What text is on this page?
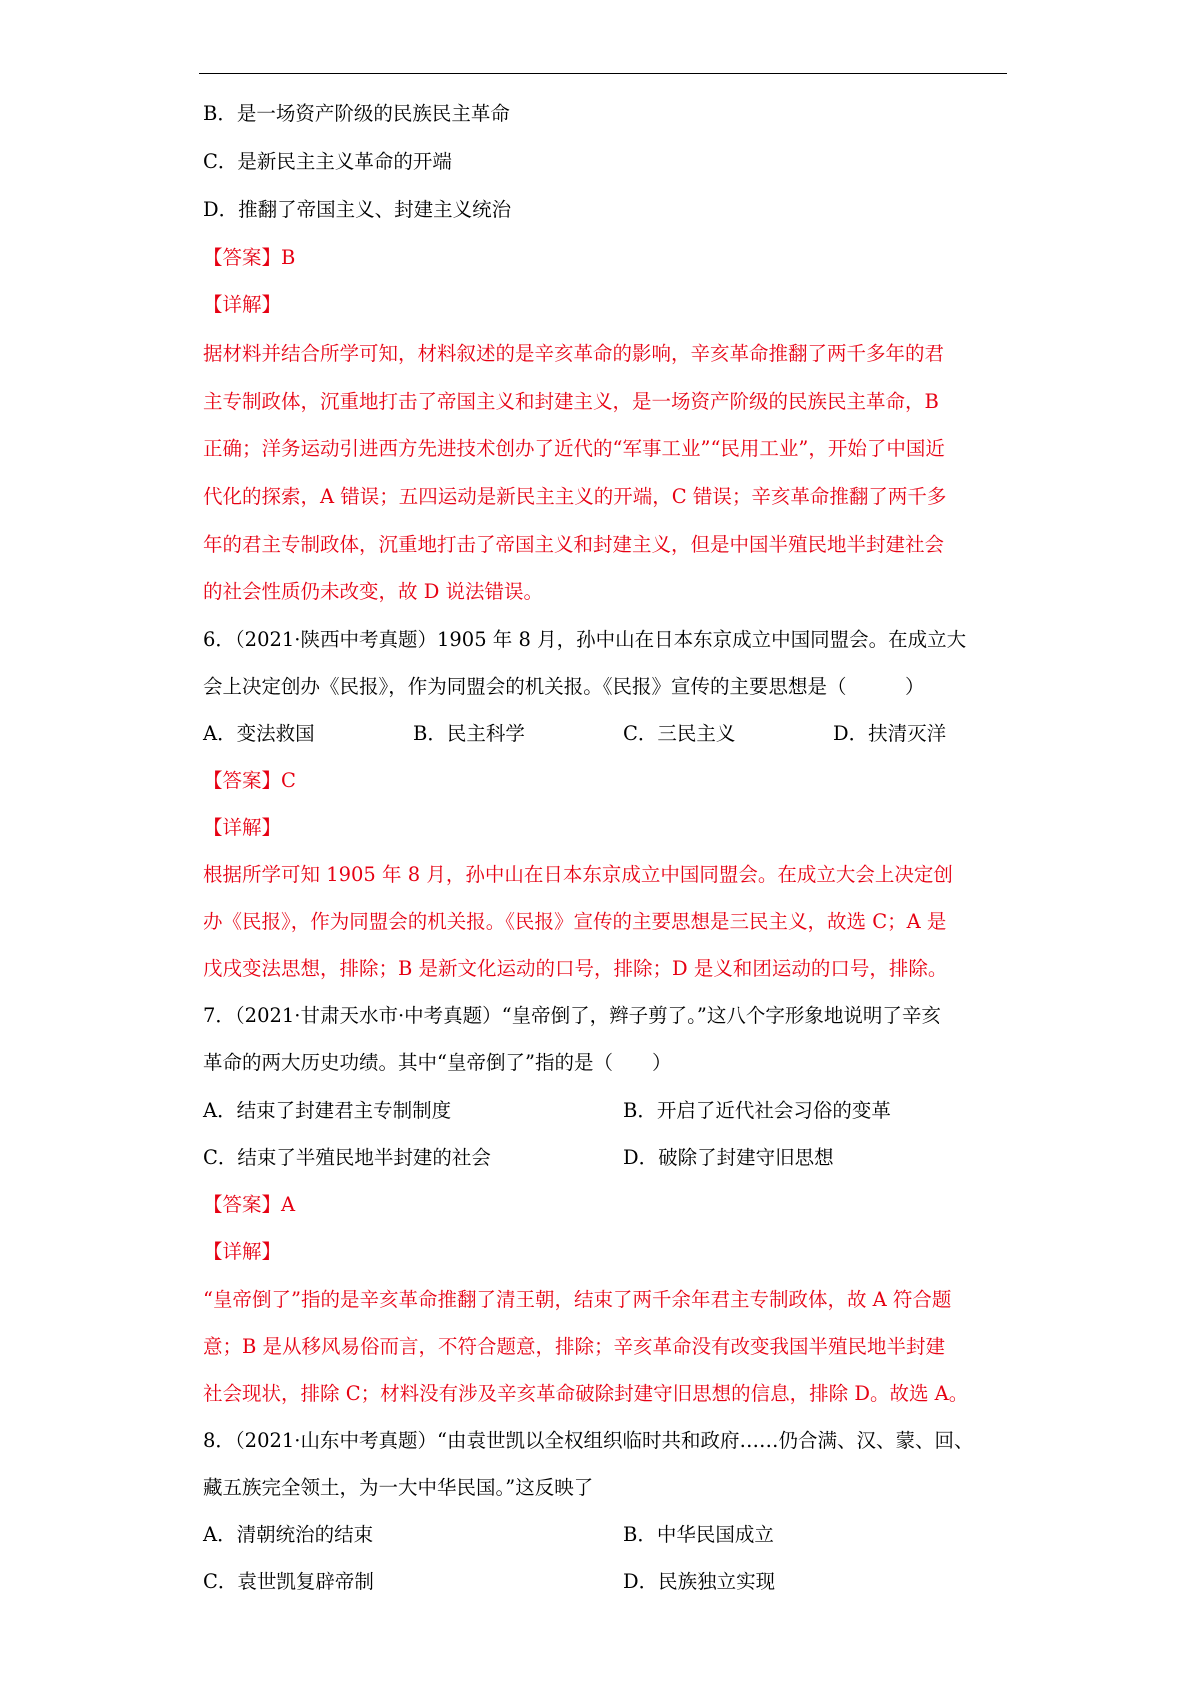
B．是一场资产阶级的民族民主革命
C．是新民主主义革命的开端
D．推翻了帝国主义、封建主义统治
【答案】B
【详解】
据材料并结合所学可知，材料叙述的是辛亥革命的影响，辛亥革命推翻了两千多年的君
主专制政体，沉重地打击了帝国主义和封建主义，是一场资产阶级的民族民主革命，B
正确；洋务运动引进西方先进技术创办了近代的“军事工业”“民用工业”，开始了中国近
代化的探索，A 错误；五四运动是新民主主义的开端，C 错误；辛亥革命推翻了两千多
年的君主专制政体，沉重地打击了帝国主义和封建主义，但是中国半殖民地半封建社会
的社会性质仍未改变，故 D 说法错误。
6．（2021·陕西中考真题）1905 年 8 月，孙中山在日本东京成立中国同盟会。在成立大
会上决定创办《民报》，作为同盟会的机关报。《民报》宣传的主要思想是（　　　）
A．变法救国	B．民主科学	C．三民主义	D．扶清灭洋
【答案】C
【详解】
根据所学可知 1905 年 8 月，孙中山在日本东京成立中国同盟会。在成立大会上决定创
办《民报》，作为同盟会的机关报。《民报》宣传的主要思想是三民主义，故选 C；A 是
戊戌变法思想，排除；B 是新文化运动的口号，排除；D 是义和团运动的口号，排除。
7．（2021·甘肃天水市·中考真题）“皇帝倒了，辫子剪了。”这八个字形象地说明了辛亥
革命的两大历史功绩。其中“皇帝倒了”指的是（　　）
A．结束了封建君主专制制度	B．开启了近代社会习俗的变革
C．结束了半殖民地半封建的社会	D．破除了封建守旧思想
【答案】A
【详解】
“皇帝倒了”指的是辛亥革命推翻了清王朝，结束了两千余年君主专制政体，故 A 符合题
意；B 是从移风易俗而言，不符合题意，排除；辛亥革命没有改变我国半殖民地半封建
社会现状，排除 C；材料没有涉及辛亥革命破除封建守旧思想的信息，排除 D。故选 A。
8．（2021·山东中考真题）“由袁世凯以全权组织临时共和政府……仍合满、汉、蒙、回、
藏五族完全领土，为一大中华民国。”这反映了
A．清朝统治的结束	B．中华民国成立
C．袁世凯复辟帝制	D．民族独立实现
